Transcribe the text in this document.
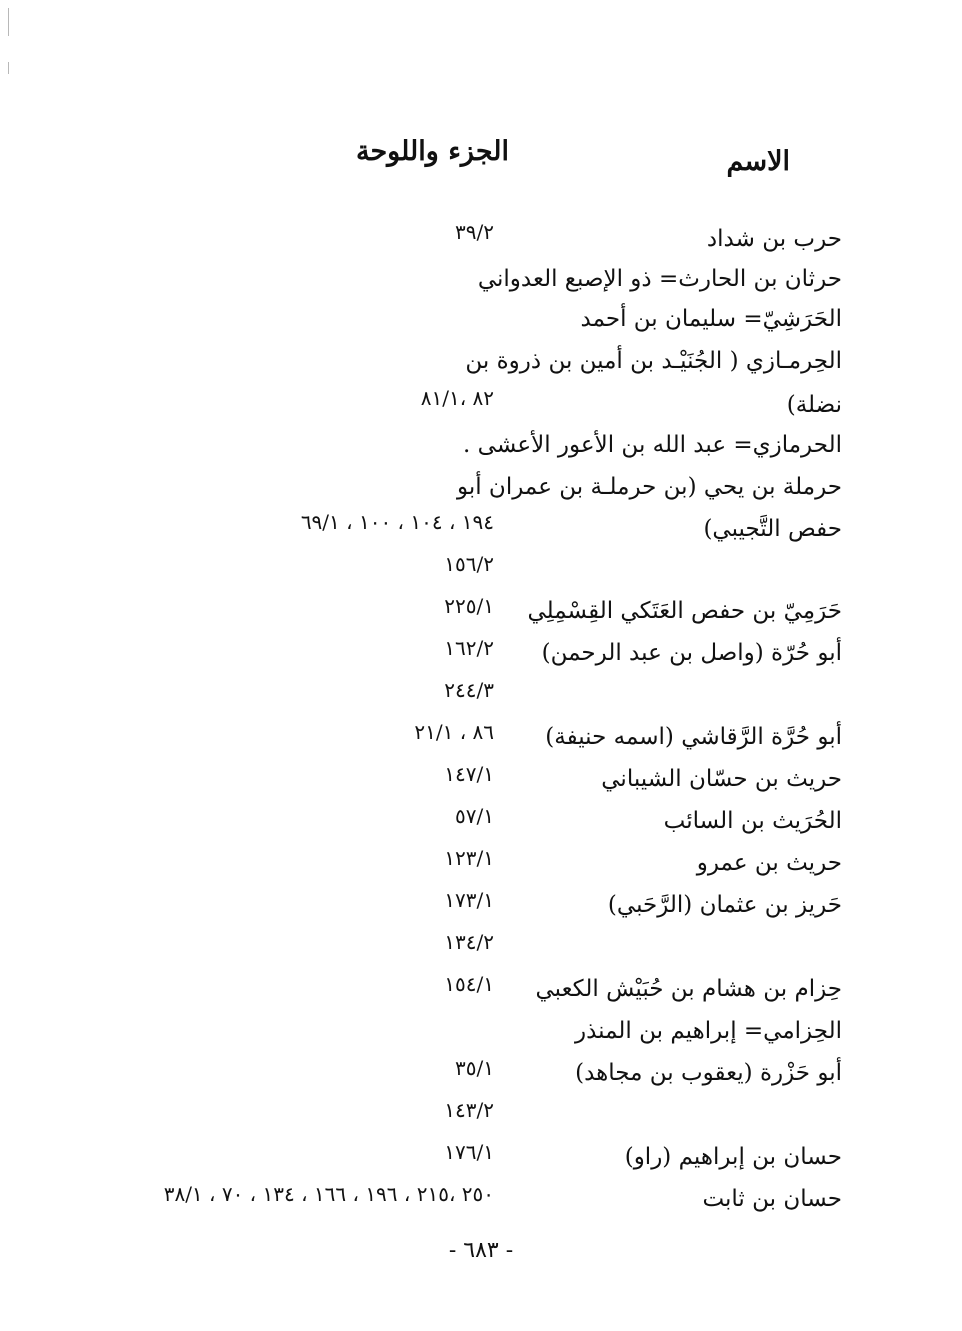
الاسم
الجزء واللوحة
حرب بن شداد
حرثان بن الحارث= ذو الإصبع العدواني
الحَرَشِيّ= سليمان بن أحمد
الحِرمـازي ( الجُنَيْـد بن أمين بن ذروة بن
نضلة)
الحرمازي= عبد الله بن الأعور الأعشى .
حرملة بن يحي (بن حرملـة بن عمران أبو
حفص التَّجيبي)
حَرَمِيّ بن حفص العَتَكي القِسْمِلِي
أبو حُرّة (واصل بن عبد الرحمن)
أبو حُرَّة الرَّقاشي (اسمه حنيفة)
حريث بن حسّان الشيباني
الحُرَيث بن السائب
حريث بن عمرو
حَريز بن عثمان (الرَّحَبي)
حِزام بن هشام بن حُبَيْش الكعبي
الحِزامي= إبراهيم بن المنذر
أبو حَزْرة (يعقوب بن مجاهد)
حسان بن إبراهيم (راو)
حسان بن ثابت
٣٩/٢
٨٢ ،٨١/١
١٩٤ ، ١٠٤ ، ١٠٠ ، ٦٩/١
١٥٦/٢
٢٢٥/١
١٦٢/٢
٢٤٤/٣
٨٦ ، ٢١/١
١٤٧/١
٥٧/١
١٢٣/١
١٧٣/١
١٣٤/٢
١٥٤/١
٣٥/١
١٤٣/٢
١٧٦/١
٢٥٠ ،٢١٥ ، ١٩٦ ، ١٦٦ ، ١٣٤ ، ٧٠ ، ٣٨/١
- ٦٨٣ -
